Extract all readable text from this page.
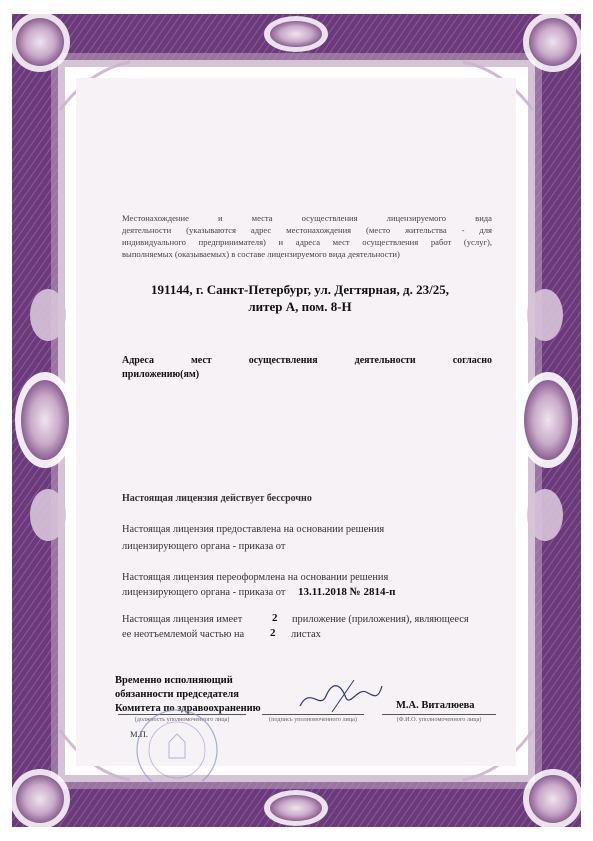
Местонахождение и места осуществления лицензируемого вида
деятельности (указываются адрес местонахождения (место жительства - для
индивидуального предпринимателя) и адреса мест осуществления работ (услуг),
выполняемых (оказываемых) в составе лицензируемого вида деятельности)
191144, г. Санкт-Петербург, ул. Дегтярная, д. 23/25,
литер А, пом. 8-Н
Адреса мест осуществления деятельности согласно
приложению(ям)
Настоящая лицензия действует бессрочно
Настоящая лицензия предоставлена на основании решения
лицензирующего органа - приказа от
Настоящая лицензия переоформлена на основании решения
лицензирующего органа - приказа от	13.11.2018 № 2814-п
Настоящая лицензия имеет	2 приложение (приложения), являющееся
ее неотъемлемой частью на 2 листах
Временно исполняющий
обязанности председателя
Комитета по здравоохранению	М.А. Виталюева
(должность уполномоченного лица)	(подпись уполномоченного лица)	(Ф.И.О. уполномоченного лица)
М.П.
